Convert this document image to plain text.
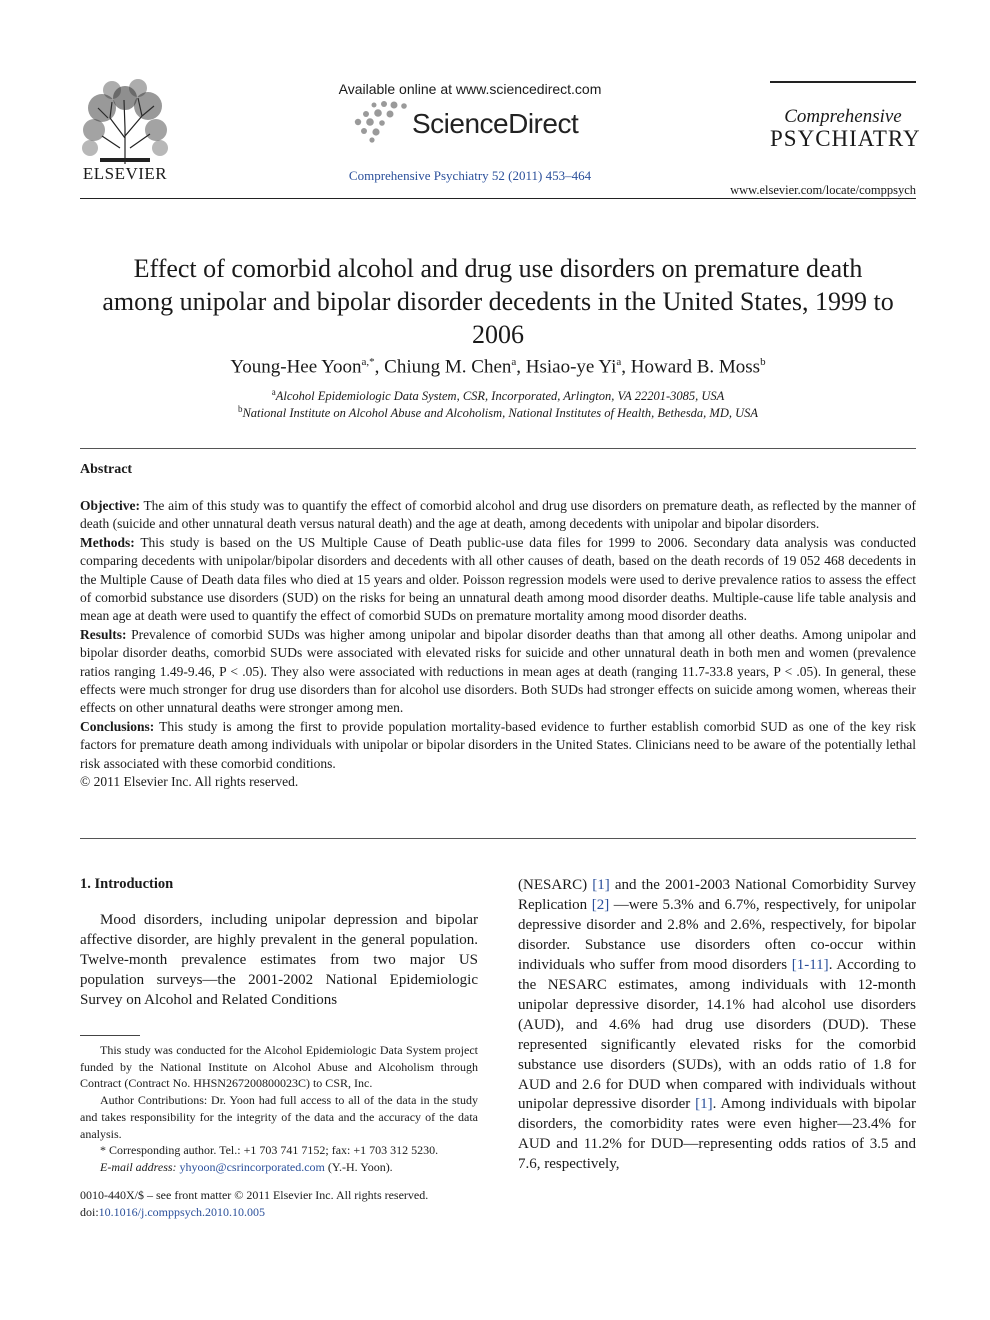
ELSEVIER
Available online at www.sciencedirect.com
ScienceDirect
Comprehensive Psychiatry 52 (2011) 453–464
Comprehensive
PSYCHIATRY
www.elsevier.com/locate/comppsych
Effect of comorbid alcohol and drug use disorders on premature death among unipolar and bipolar disorder decedents in the United States, 1999 to 2006
Young-Hee Yoon$^{a,*}$, Chiung M. Chen$^a$, Hsiao-ye Yi$^a$, Howard B. Moss$^b$
$^a$Alcohol Epidemiologic Data System, CSR, Incorporated, Arlington, VA 22201-3085, USA
$^b$National Institute on Alcohol Abuse and Alcoholism, National Institutes of Health, Bethesda, MD, USA
Abstract

Objective: The aim of this study was to quantify the effect of comorbid alcohol and drug use disorders on premature death, as reflected by the manner of death (suicide and other unnatural death versus natural death) and the age at death, among decedents with unipolar and bipolar disorders.

Methods: This study is based on the US Multiple Cause of Death public-use data files for 1999 to 2006. Secondary data analysis was conducted comparing decedents with unipolar/bipolar disorders and decedents with all other causes of death, based on the death records of 19 052 468 decedents in the Multiple Cause of Death data files who died at 15 years and older. Poisson regression models were used to derive prevalence ratios to assess the effect of comorbid substance use disorders (SUD) on the risks for being an unnatural death among mood disorder deaths. Multiple-cause life table analysis and mean age at death were used to quantify the effect of comorbid SUDs on premature mortality among mood disorder deaths.

Results: Prevalence of comorbid SUDs was higher among unipolar and bipolar disorder deaths than that among all other deaths. Among unipolar and bipolar disorder deaths, comorbid SUDs were associated with elevated risks for suicide and other unnatural death in both men and women (prevalence ratios ranging 1.49-9.46, P < .05). They also were associated with reductions in mean ages at death (ranging 11.7-33.8 years, P < .05). In general, these effects were much stronger for drug use disorders than for alcohol use disorders. Both SUDs had stronger effects on suicide among women, whereas their effects on other unnatural deaths were stronger among men.

Conclusions: This study is among the first to provide population mortality-based evidence to further establish comorbid SUD as one of the key risk factors for premature death among individuals with unipolar or bipolar disorders in the United States. Clinicians need to be aware of the potentially lethal risk associated with these comorbid conditions.

© 2011 Elsevier Inc. All rights reserved.

1. Introduction

Mood disorders, including unipolar depression and bipolar affective disorder, are highly prevalent in the general population. Twelve-month prevalence estimates from two major US population surveys—the 2001-2002 National Epidemiologic Survey on Alcohol and Related Conditions

(NESARC) [1] and the 2001-2003 National Comorbidity Survey Replication [2] —were 5.3% and 6.7%, respectively, for unipolar depressive disorder and 2.8% and 2.6%, respectively, for bipolar disorder. Substance use disorders often co-occur within individuals who suffer from mood disorders [1-11]. According to the NESARC estimates, among individuals with 12-month unipolar depressive disorder, 14.1% had alcohol use disorders (AUD), and 4.6% had drug use disorders (DUD). These represented significantly elevated risks for the comorbid substance use disorders (SUDs), with an odds ratio of 1.8 for AUD and 2.6 for DUD when compared with individuals without unipolar depressive disorder [1]. Among individuals with bipolar disorders, the comorbidity rates were even higher—23.4% for AUD and 11.2% for DUD—representing odds ratios of 3.5 and 7.6, respectively,

This study was conducted for the Alcohol Epidemiologic Data System project funded by the National Institute on Alcohol Abuse and Alcoholism through Contract (Contract No. HHSN267200800023C) to CSR, Inc.

Author Contributions: Dr. Yoon had full access to all of the data in the study and takes responsibility for the integrity of the data and the accuracy of the data analysis.

* Corresponding author. Tel.: +1 703 741 7152; fax: +1 703 312 5230.

E-mail address: yhyoon@csrincorporated.com (Y.-H. Yoon).

0010-440X/$ – see front matter © 2011 Elsevier Inc. All rights reserved.

doi:10.1016/j.comppsych.2010.10.005
